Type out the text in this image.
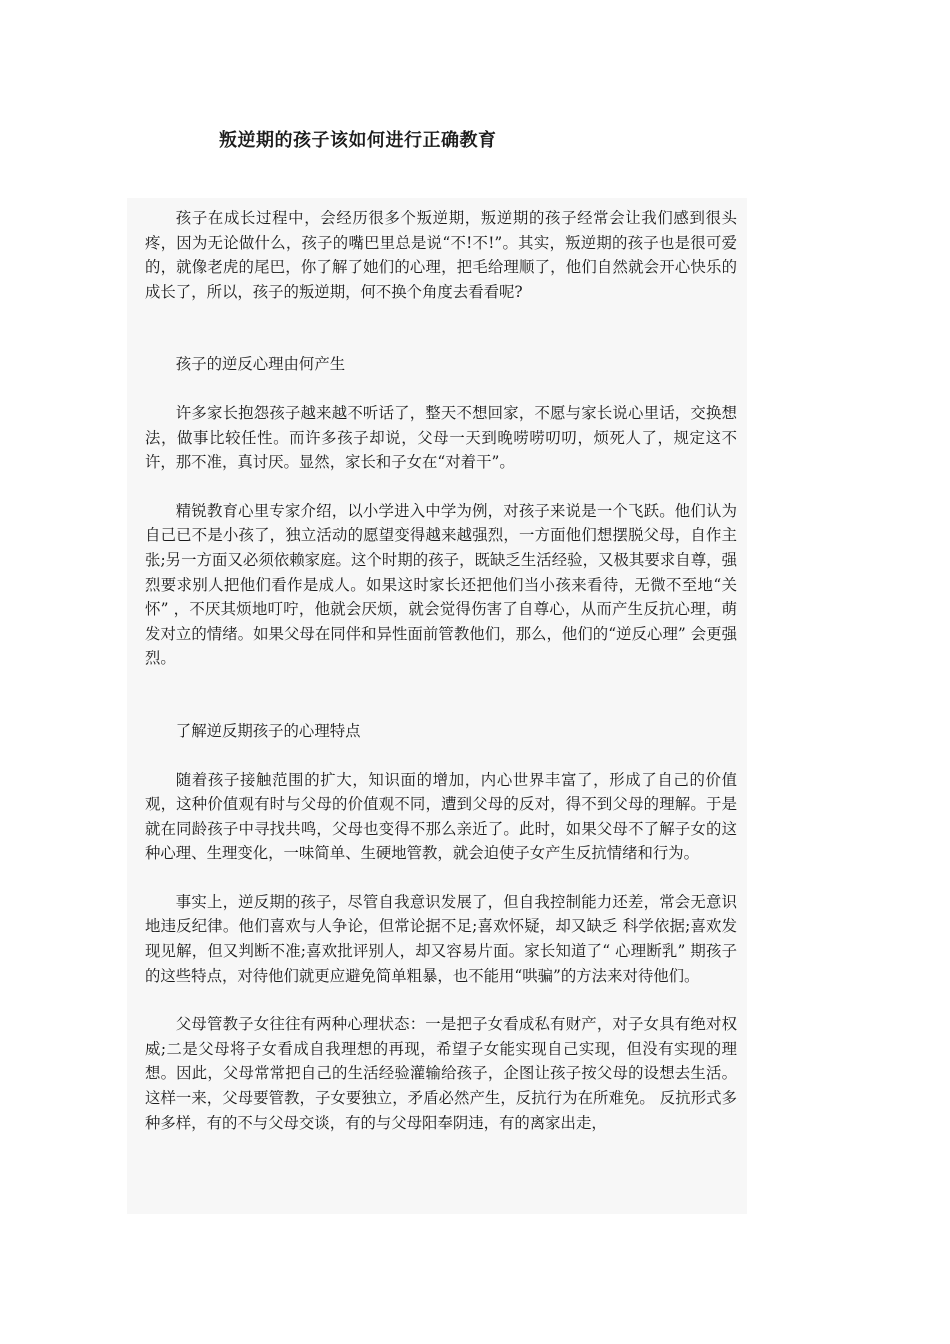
叛逆期的孩子该如何进行正确教育

孩子在成长过程中，会经历很多个叛逆期，叛逆期的孩子经常会让我们感到很头疼，因为无论做什么，孩子的嘴巴里总是说“不!不!”。其实，叛逆期的孩子也是很可爱的，就像老虎的尾巴，你了解了她们的心理，把毛给理顺了，他们自然就会开心快乐的成长了，所以，孩子的叛逆期，何不换个角度去看看呢?

孩子的逆反心理由何产生

许多家长抱怨孩子越来越不听话了，整天不想回家，不愿与家长说心里话，交换想法，做事比较任性。而许多孩子却说，父母一天到晚唠唠叨叨，烦死人了，规定这不许，那不准，真讨厌。显然，家长和子女在“对着干”。

精锐教育心里专家介绍，以小学进入中学为例，对孩子来说是一个飞跃。他们认为自己已不是小孩了，独立活动的愿望变得越来越强烈，一方面他们想摆脱父母，自作主张;另一方面又必须依赖家庭。这个时期的孩子，既缺乏生活经验，又极其要求自尊，强烈要求别人把他们看作是成人。如果这时家长还把他们当小孩来看待，无微不至地“关怀” ，不厌其烦地叮咛，他就会厌烦，就会觉得伤害了自尊心，从而产生反抗心理，萌发对立的情绪。如果父母在同伴和异性面前管教他们，那么，他们的“逆反心理” 会更强烈。

了解逆反期孩子的心理特点

随着孩子接触范围的扩大，知识面的增加，内心世界丰富了，形成了自己的价值观，这种价值观有时与父母的价值观不同，遭到父母的反对，得不到父母的理解。于是就在同龄孩子中寻找共鸣，父母也变得不那么亲近了。此时，如果父母不了解子女的这种心理、生理变化，一味简单、生硬地管教，就会迫使子女产生反抗情绪和行为。

事实上，逆反期的孩子，尽管自我意识发展了，但自我控制能力还差，常会无意识地违反纪律。他们喜欢与人争论，但常论据不足;喜欢怀疑，却又缺乏 科学依据;喜欢发现见解，但又判断不准;喜欢批评别人，却又容易片面。家长知道了“ 心理断乳” 期孩子的这些特点，对待他们就更应避免简单粗暴，也不能用“哄骗”的方法来对待他们。

父母管教子女往往有两种心理状态：一是把子女看成私有财产，对子女具有绝对权威;二是父母将子女看成自我理想的再现，希望子女能实现自己实现，但没有实现的理想。因此，父母常常把自己的生活经验灌输给孩子，企图让孩子按父母的设想去生活。这样一来，父母要管教，子女要独立，矛盾必然产生，反抗行为在所难免。 反抗形式多种多样，有的不与父母交谈，有的与父母阳奉阴违，有的离家出走，
